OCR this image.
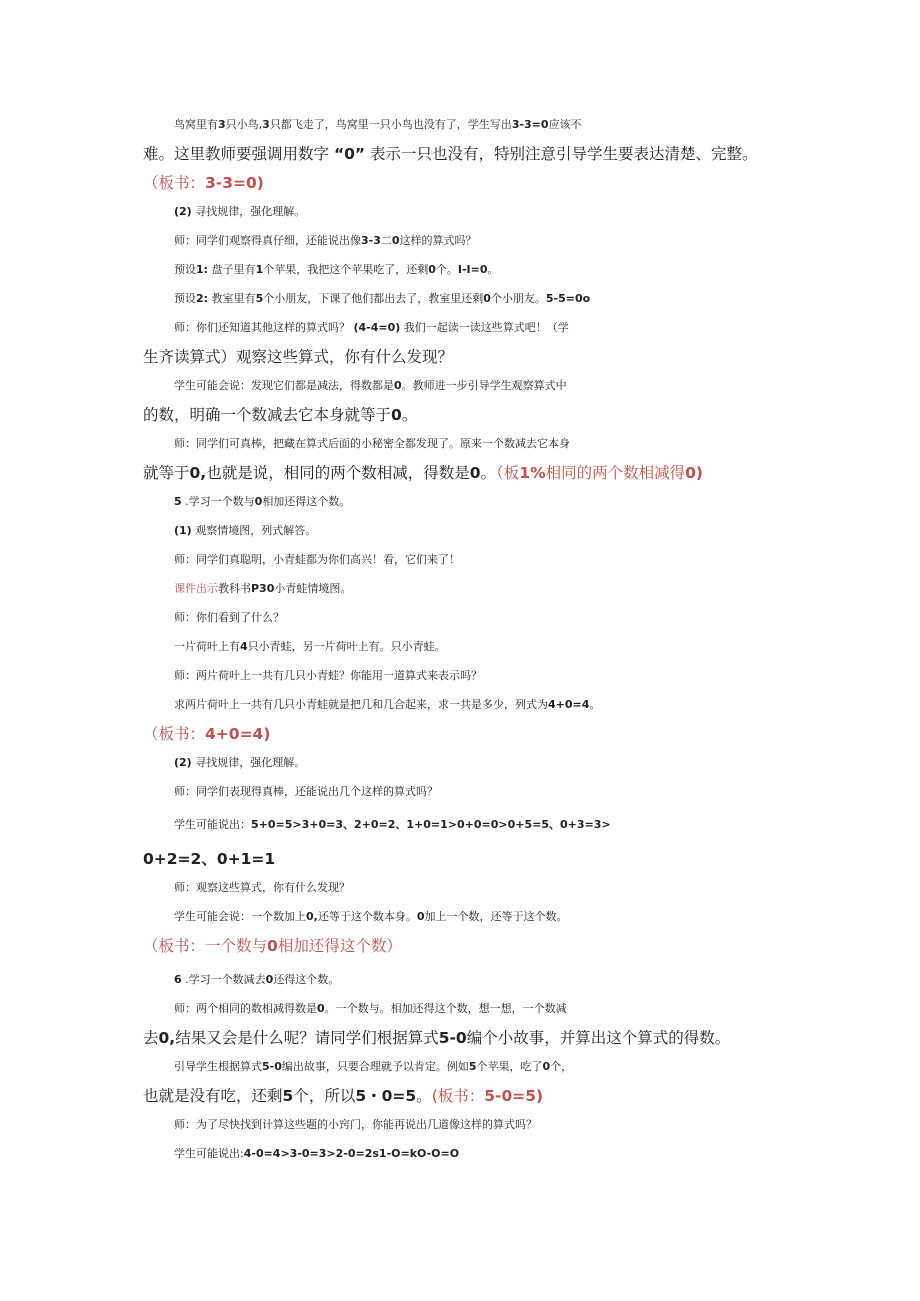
鸟窝里有3只小鸟,3只都飞走了，鸟窝里一只小鸟也没有了，学生写出3-3=0应该不
难。这里教师要强调用数字 “0” 表示一只也没有，特别注意引导学生要表达清楚、完整。
（板书：3-3=0)
(2) 寻找规律，强化理解。
师：同学们观察得真仔细，还能说出像3-3二0这样的算式吗？
预设1: 盘子里有1个苹果，我把这个苹果吃了，还剩0个。I-I=0。
预设2: 教室里有5个小朋友，下课了他们都出去了，教室里还剩0个小朋友。5-5=0o
师：你们还知道其他这样的算式吗？ (4-4=0) 我们一起读一读这些算式吧！（学
生齐读算式）观察这些算式，你有什么发现？
学生可能会说：发现它们都是减法，得数都是0。教师进一步引导学生观察算式中
的数，明确一个数减去它本身就等于0。
师：同学们可真棒，把藏在算式后面的小秘密全都发现了。原来一个数减去它本身
就等于0,也就是说，相同的两个数相减，得数是0。（板1%相同的两个数相减得0)
5 .学习一个数与0相加还得这个数。
(1) 观察情境图，列式解答。
师：同学们真聪明，小青蛙都为你们高兴！看，它们来了！
课件出示教科书P30小青蛙情境图。
师：你们看到了什么？
一片荷叶上有4只小青蛙，另一片荷叶上有。只小青蛙。
师：两片荷叶上一共有几只小青蛙？你能用一道算式来表示吗？
求两片荷叶上一共有几只小青蛙就是把几和几合起来，求一共是多少，列式为4+0=4。
（板书：4+0=4)
(2) 寻找规律，强化理解。
师：同学们表现得真棒，还能说出几个这样的算式吗？
学生可能说出：5+0=5>3+0=3、2+0=2、1+0=1>0+0=0>0+5=5、0+3=3>
0+2=2、0+1=1
师：观察这些算式，你有什么发现？
学生可能会说：一个数加上0,还等于这个数本身。0加上一个数，还等于这个数。
（板书：一个数与0相加还得这个数）
6 .学习一个数减去0还得这个数。
师：两个相同的数相减得数是0。一个数与。相加还得这个数，想一想，一个数减
去0,结果又会是什么呢？请同学们根据算式5-0编个小故事，并算出这个算式的得数。
引导学生根据算式5-0编出故事，只要合理就予以肯定。例如5个苹果，吃了0个，
也就是没有吃，还剩5个，所以5・0=5。(板书：5-0=5)
师：为了尽快找到计算这些题的小窍门，你能再说出几道像这样的算式吗？
学生可能说出:4-0=4>3-0=3>2-0=2s1-O=kO-O=O
